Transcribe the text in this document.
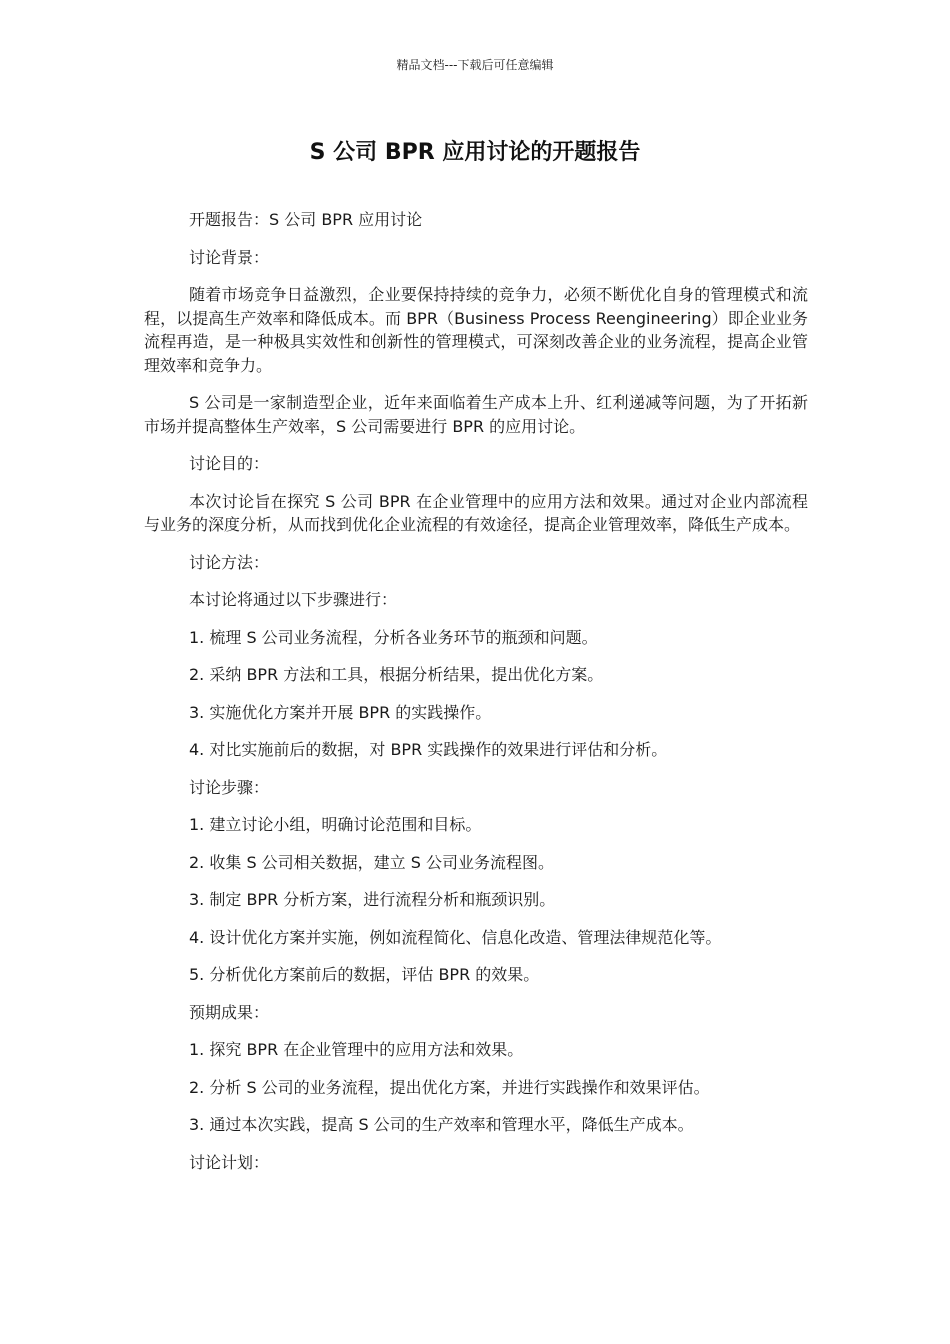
精品文档---下载后可任意编辑
S 公司 BPR 应用讨论的开题报告

开题报告：S 公司 BPR 应用讨论

讨论背景：

随着市场竞争日益激烈，企业要保持持续的竞争力，必须不断优化自身的管理模式和流程，以提高生产效率和降低成本。而 BPR（Business Process Reengineering）即企业业务流程再造，是一种极具实效性和创新性的管理模式，可深刻改善企业的业务流程，提高企业管理效率和竞争力。

S 公司是一家制造型企业，近年来面临着生产成本上升、红利递减等问题，为了开拓新市场并提高整体生产效率，S 公司需要进行 BPR 的应用讨论。

讨论目的：

本次讨论旨在探究 S 公司 BPR 在企业管理中的应用方法和效果。通过对企业内部流程与业务的深度分析，从而找到优化企业流程的有效途径，提高企业管理效率，降低生产成本。

讨论方法：

本讨论将通过以下步骤进行：

1. 梳理 S 公司业务流程，分析各业务环节的瓶颈和问题。

2. 采纳 BPR 方法和工具，根据分析结果，提出优化方案。

3. 实施优化方案并开展 BPR 的实践操作。

4. 对比实施前后的数据，对 BPR 实践操作的效果进行评估和分析。

讨论步骤：

1. 建立讨论小组，明确讨论范围和目标。

2. 收集 S 公司相关数据，建立 S 公司业务流程图。

3. 制定 BPR 分析方案，进行流程分析和瓶颈识别。

4. 设计优化方案并实施，例如流程简化、信息化改造、管理法律规范化等。

5. 分析优化方案前后的数据，评估 BPR 的效果。

预期成果：

1. 探究 BPR 在企业管理中的应用方法和效果。

2. 分析 S 公司的业务流程，提出优化方案，并进行实践操作和效果评估。

3. 通过本次实践，提高 S 公司的生产效率和管理水平，降低生产成本。

讨论计划：
